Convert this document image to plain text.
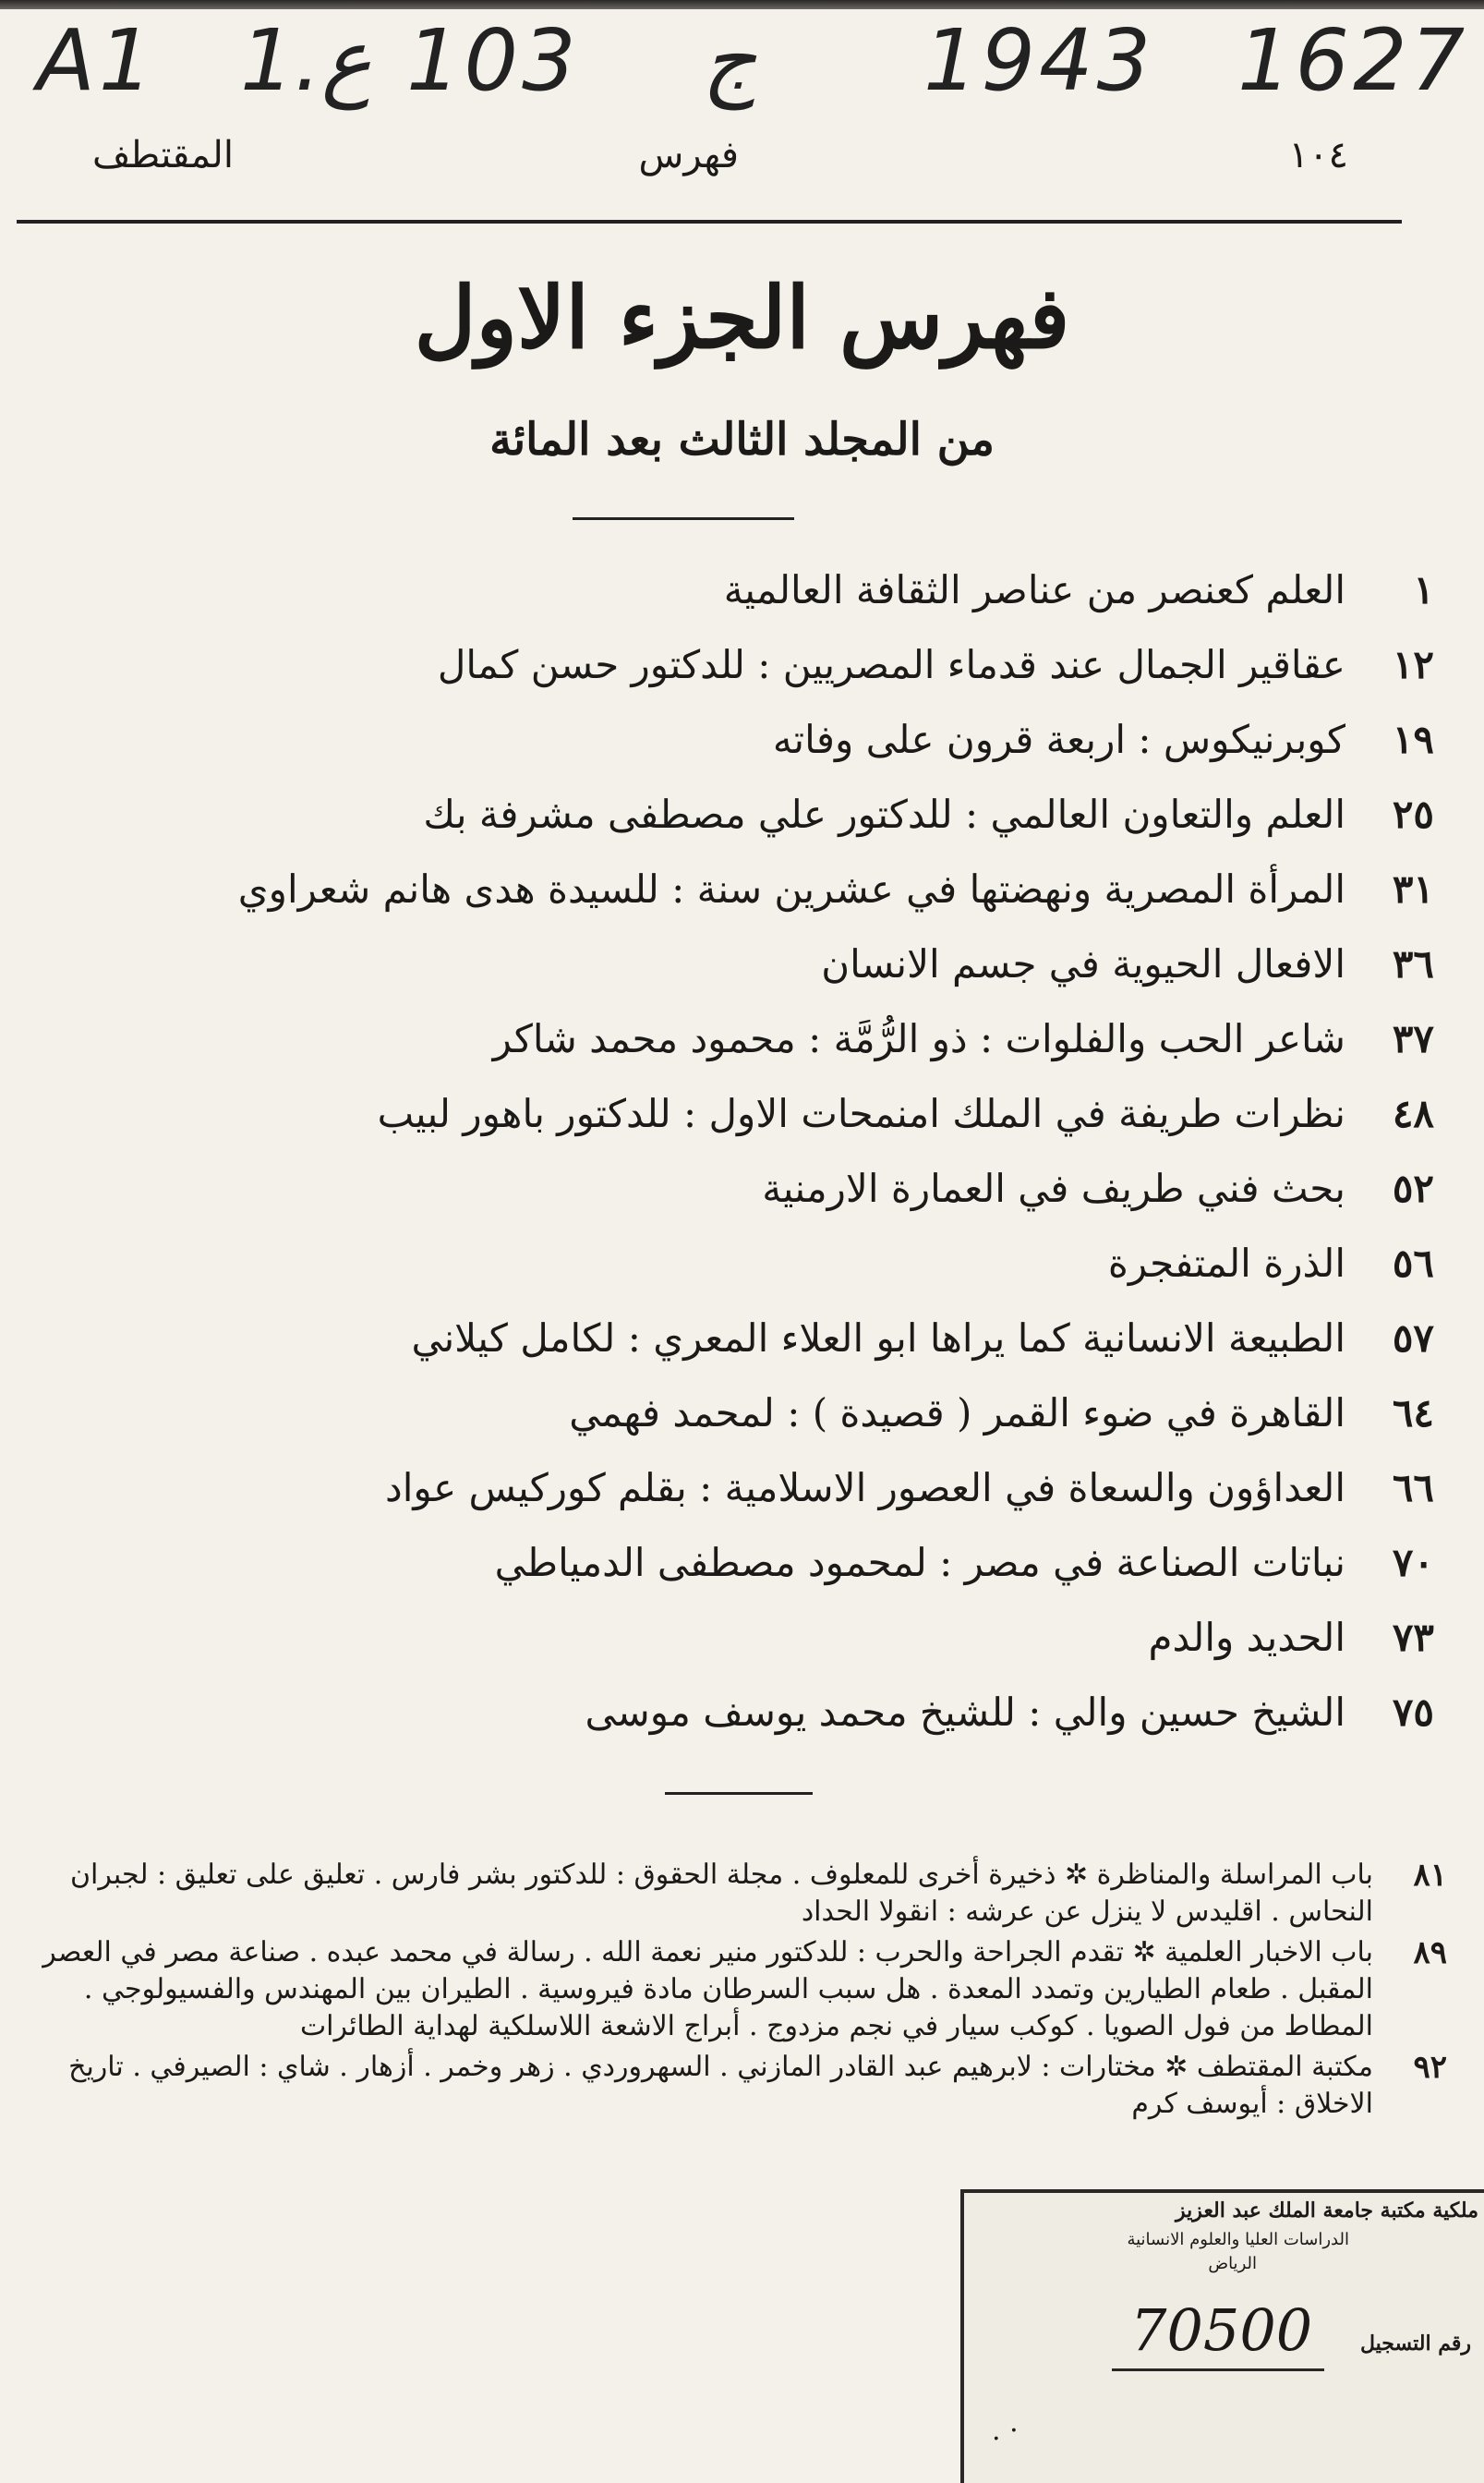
A1 1.ع 103 ج 1943 1627
١٠٤
فهرس
المقتطف
فهرس الجزء الاول
من المجلد الثالث بعد المائة
١
العلم كعنصر من عناصر الثقافة العالمية
١٢
عقاقير الجمال عند قدماء المصريين : للدكتور حسن كمال
١٩
كوبرنيكوس : اربعة قرون على وفاته
٢٥
العلم والتعاون العالمي : للدكتور علي مصطفى مشرفة بك
٣١
المرأة المصرية ونهضتها في عشرين سنة : للسيدة هدى هانم شعراوي
٣٦
الافعال الحيوية في جسم الانسان
٣٧
شاعر الحب والفلوات : ذو الرُّمَّة : محمود محمد شاكر
٤٨
نظرات طريفة في الملك امنمحات الاول : للدكتور باهور لبيب
٥٢
بحث فني طريف في العمارة الارمنية
٥٦
الذرة المتفجرة
٥٧
الطبيعة الانسانية كما يراها ابو العلاء المعري : لكامل كيلاني
٦٤
القاهرة في ضوء القمر ( قصيدة ) : لمحمد فهمي
٦٦
العداؤون والسعاة في العصور الاسلامية : بقلم كوركيس عواد
٧٠
نباتات الصناعة في مصر : لمحمود مصطفى الدمياطي
٧٣
الحديد والدم
٧٥
الشيخ حسين والي : للشيخ محمد يوسف موسى
٨١
باب المراسلة والمناظرة ✲ ذخيرة أخرى للمعلوف . مجلة الحقوق : للدكتور بشر فارس . تعليق على تعليق : لجبران النحاس . اقليدس لا ينزل عن عرشه : انقولا الحداد
٨٩
باب الاخبار العلمية ✲ تقدم الجراحة والحرب : للدكتور منير نعمة الله . رسالة في محمد عبده . صناعة مصر في العصر المقبل . طعام الطيارين وتمدد المعدة . هل سبب السرطان مادة فيروسية . الطيران بين المهندس والفسيولوجي . المطاط من فول الصويا . كوكب سيار في نجم مزدوج . أبراج الاشعة اللاسلكية لهداية الطائرات
٩٢
مكتبة المقتطف ✲ مختارات : لابرهيم عبد القادر المازني . السهروردي . زهر وخمر . أزهار . شاي : الصيرفي . تاريخ الاخلاق : أيوسف كرم
ملكية مكتبة جامعة الملك عبد العزيز
الدراسات العليا والعلوم الانسانية
الرياض
رقم التسجيل
70500
· .
